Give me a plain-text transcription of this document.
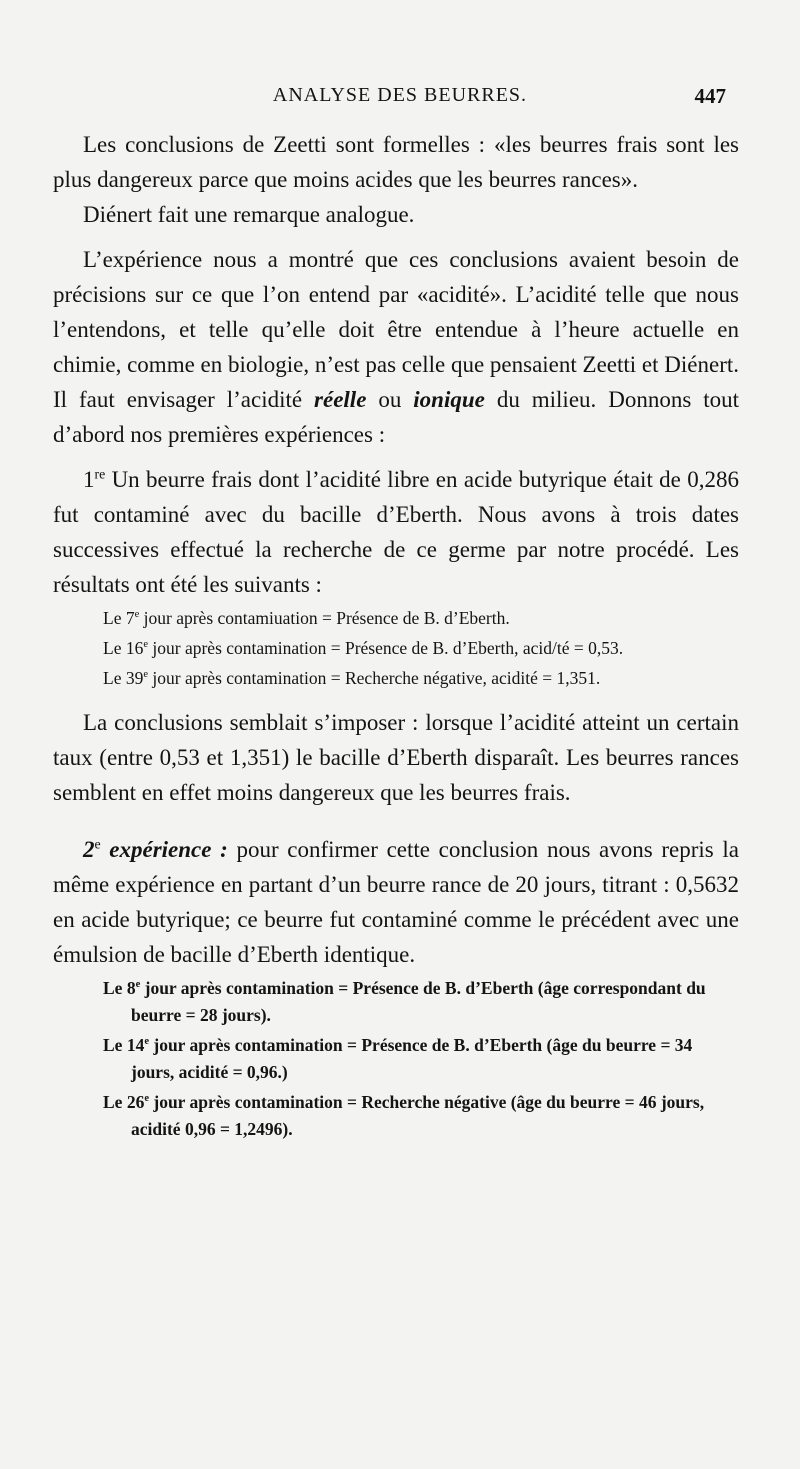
ANALYSE DES BEURRES.	447

Les conclusions de Zeetti sont formelles : «les beurres frais sont les plus dangereux parce que moins acides que les beurres rances».

Diénert fait une remarque analogue.

L’expérience nous a montré que ces conclusions avaient besoin de précisions sur ce que l’on entend par «acidité». L’acidité telle que nous l’entendons, et telle qu’elle doit être entendue à l’heure actuelle en chimie, comme en biologie, n’est pas celle que pensaient Zeetti et Diénert. Il faut envisager l’acidité réelle ou ionique du milieu. Donnons tout d’abord nos premières expériences :

1re Un beurre frais dont l’acidité libre en acide butyrique était de 0,286 fut contaminé avec du bacille d’Eberth. Nous avons à trois dates successives effectué la recherche de ce germe par notre procédé. Les résultats ont été les suivants :

Le 7e jour après contamiuation = Présence de B. d’Eberth.

Le 16e jour après contamination = Présence de B. d’Eberth, acid/té = 0,53.

Le 39e jour après contamination = Recherche négative, acidité = 1,351.

La conclusions semblait s’imposer : lorsque l’acidité atteint un certain taux (entre 0,53 et 1,351) le bacille d’Eberth disparaît. Les beurres rances semblent en effet moins dangereux que les beurres frais.

2e expérience : pour confirmer cette conclusion nous avons repris la même expérience en partant d’un beurre rance de 20 jours, titrant : 0,5632 en acide butyrique; ce beurre fut contaminé comme le précédent avec une émulsion de bacille d’Eberth identique.

Le 8e jour après contamination = Présence de B. d’Eberth (âge correspondant du beurre = 28 jours).

Le 14e jour après contamination = Présence de B. d’Eberth (âge du beurre = 34 jours, acidité = 0,96.)

Le 26e jour après contamination = Recherche négative (âge du beurre = 46 jours, acidité 0,96 = 1,2496).
